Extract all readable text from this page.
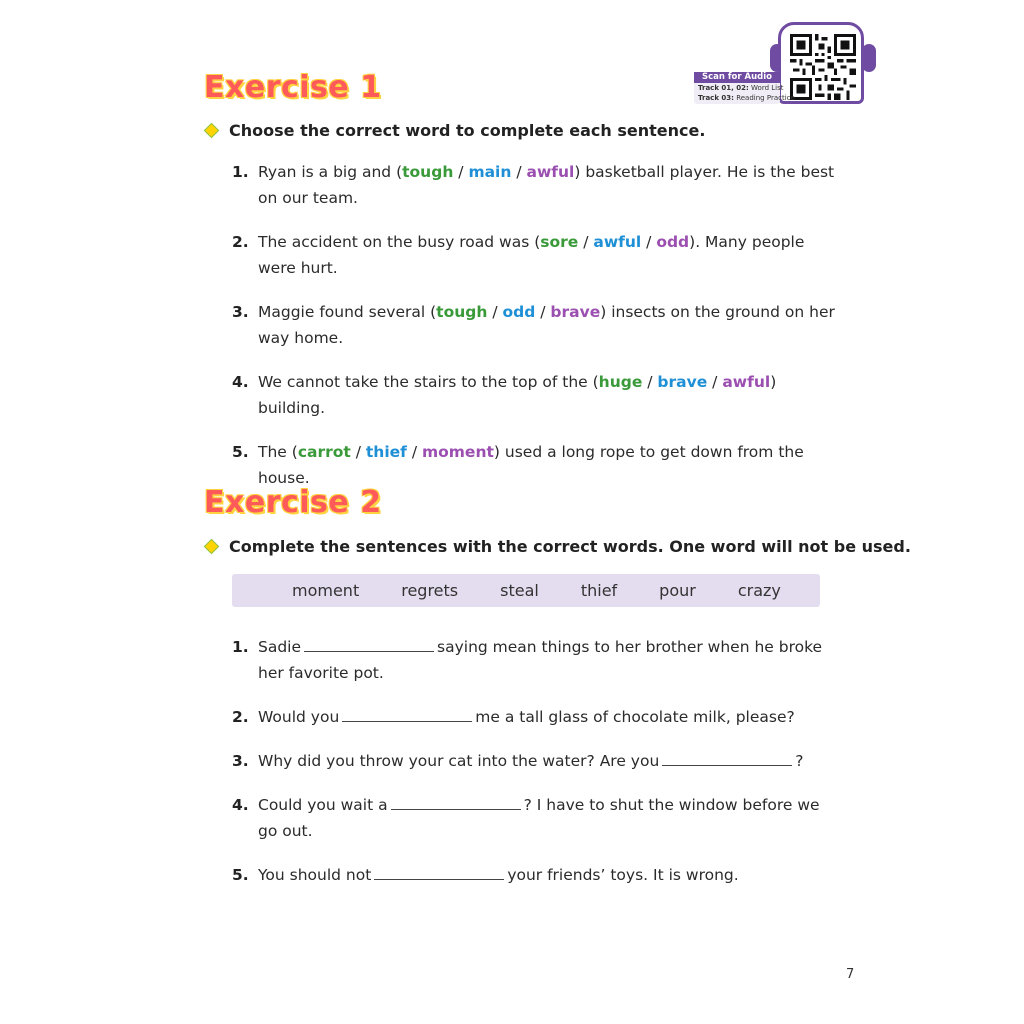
Scan for Audio
Track 01, 02: Word List
Track 03: Reading Practice
Exercise 1
Choose the correct word to complete each sentence.
1. Ryan is a big and (tough / main / awful) basketball player. He is the best on our team.
2. The accident on the busy road was (sore / awful / odd). Many people were hurt.
3. Maggie found several (tough / odd / brave) insects on the ground on her way home.
4. We cannot take the stairs to the top of the (huge / brave / awful) building.
5. The (carrot / thief / moment) used a long rope to get down from the house.
Exercise 2
Complete the sentences with the correct words. One word will not be used.
moment	regrets	steal	thief	pour	crazy
1. Sadie	saying mean things to her brother when he broke her favorite pot.
2. Would you	me a tall glass of chocolate milk, please?
3. Why did you throw your cat into the water? Are you	?
4. Could you wait a	? I have to shut the window before we go out.
5. You should not	your friends’ toys. It is wrong.
7
